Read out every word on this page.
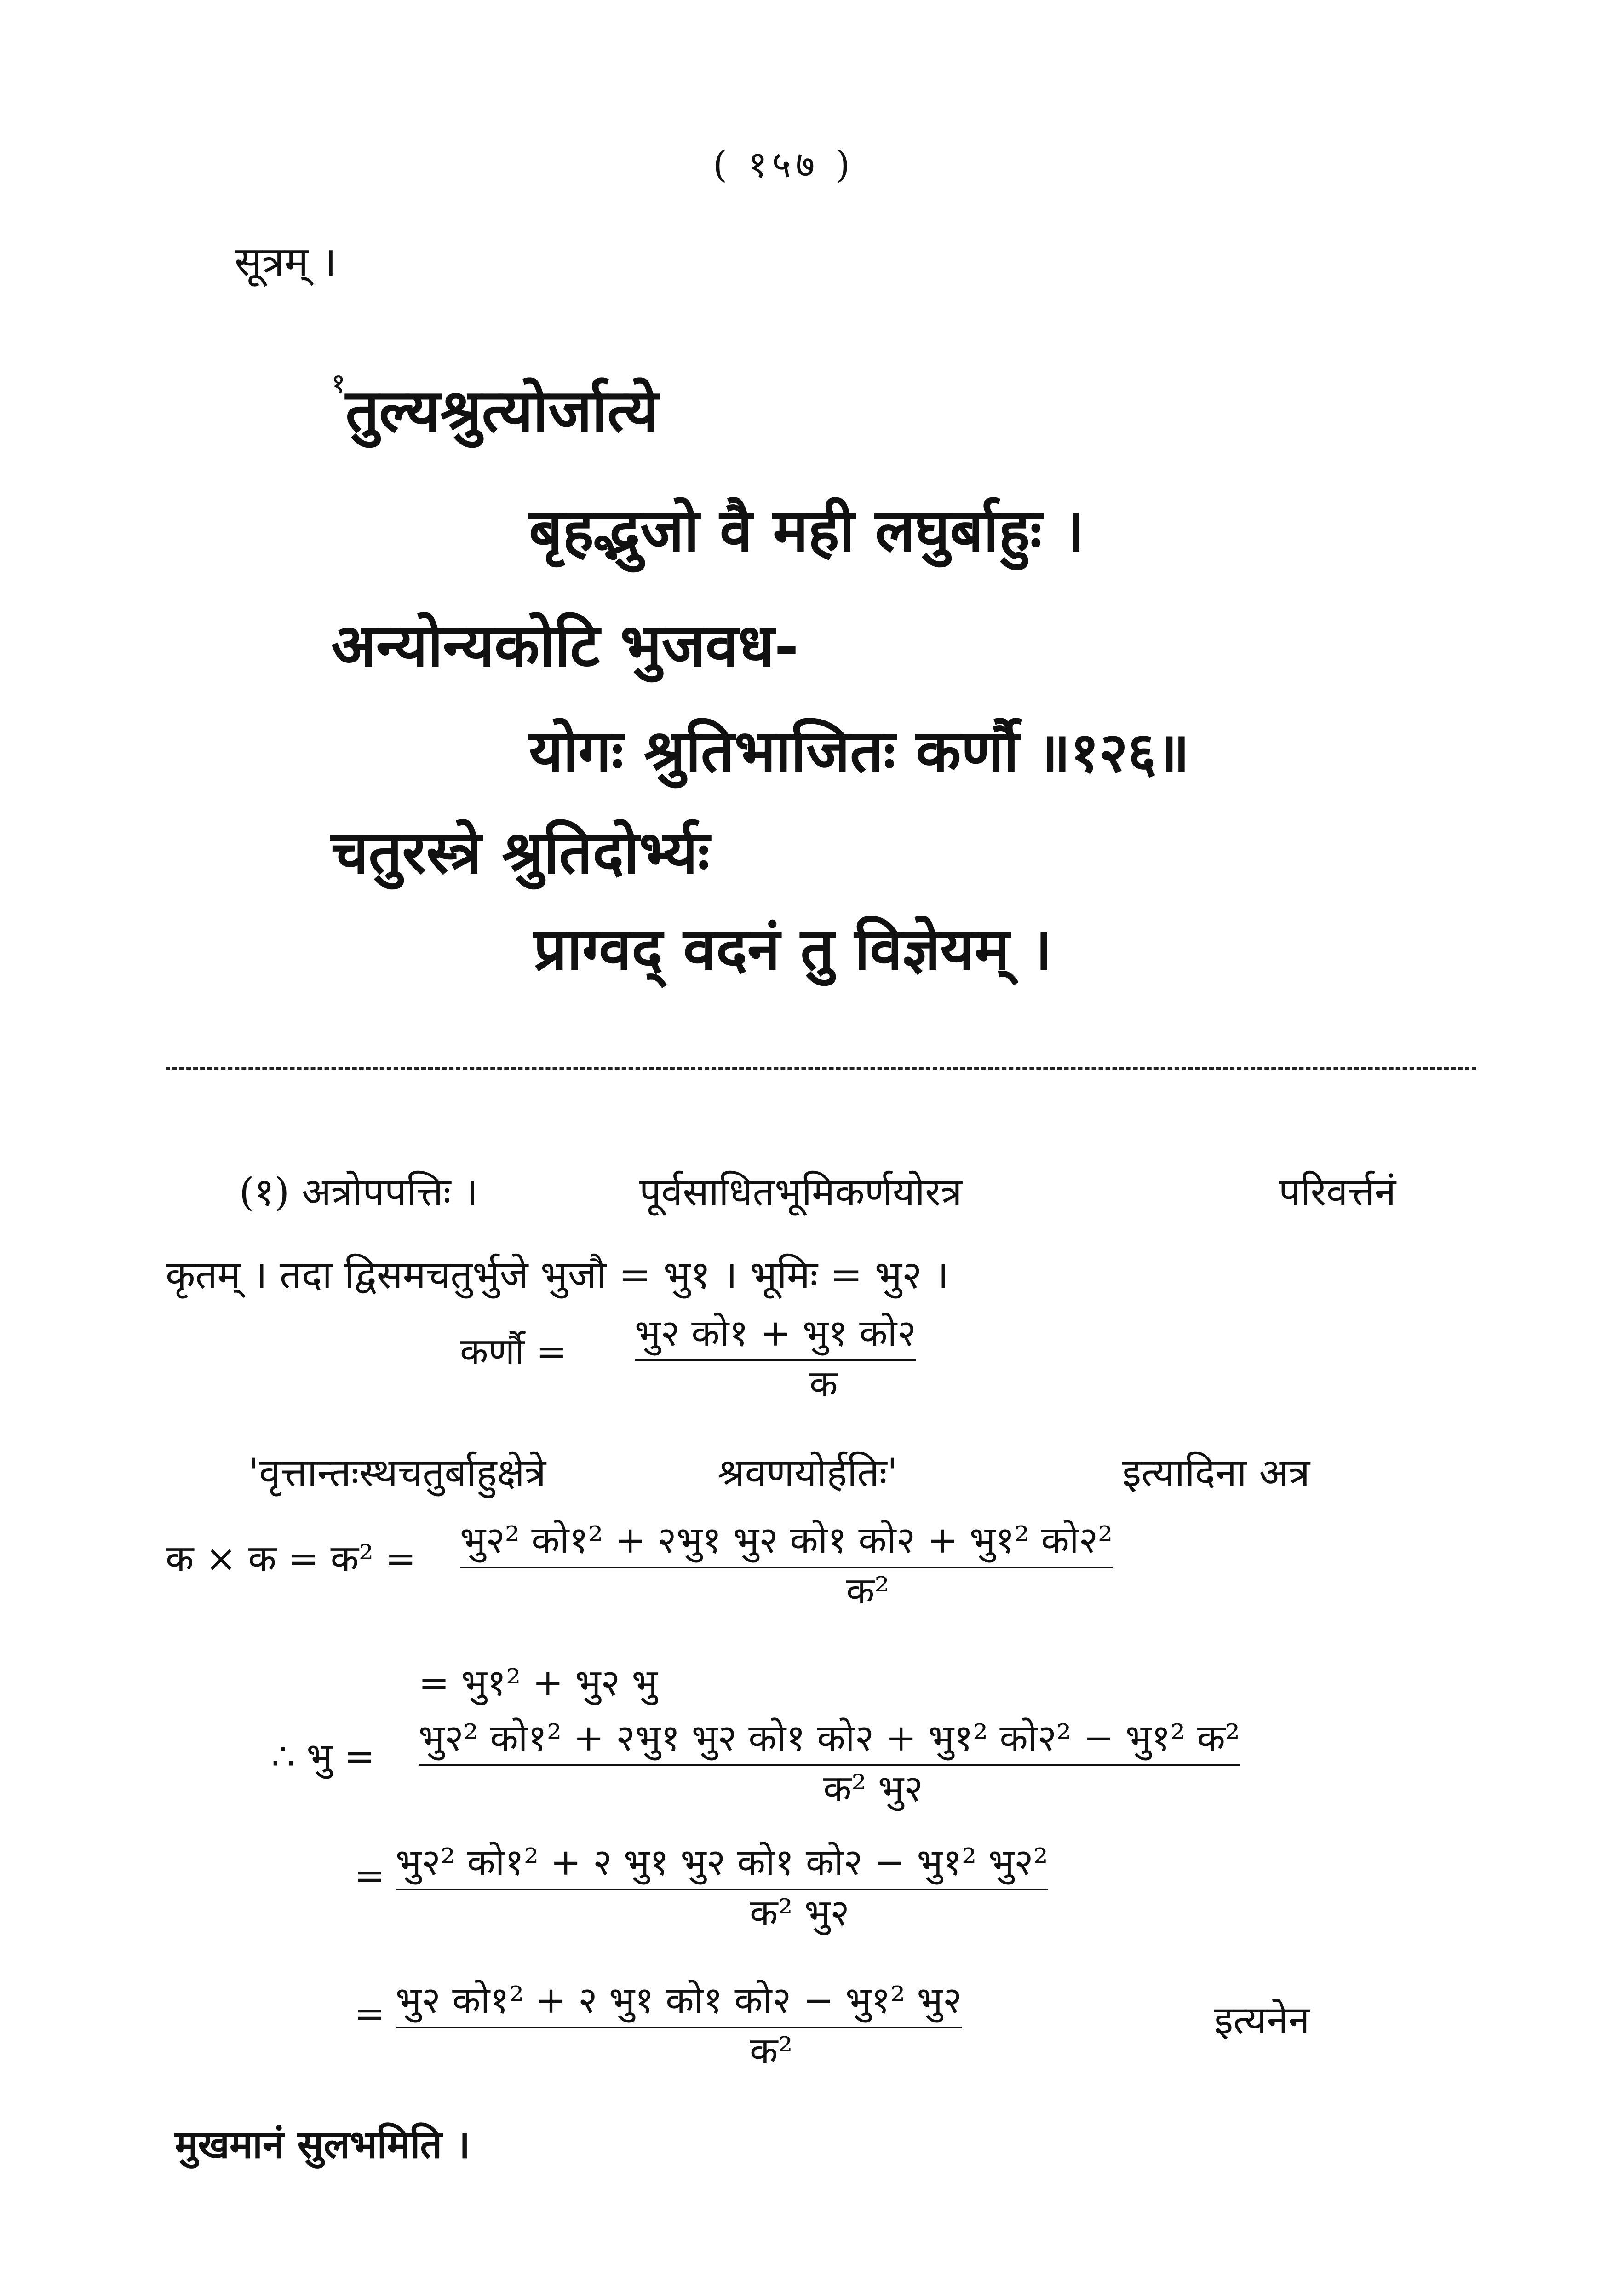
( १५७ )
सूत्रम् ।
$^१$तुल्यश्रुत्योर्जात्ये
बृहद्भुजो वै मही लघुर्बाहुः ।
अन्योन्यकोटि भुजवध-
योगः श्रुतिभाजितः कर्णौ ॥१२६॥
चतुरस्त्रे श्रुतिदोर्भ्यः
प्राग्वद् वदनं तु विज्ञेयम् ।
(१) अत्रोपपत्तिः ।	पूर्वसाधितभूमिकर्णयोरत्र	परिवर्त्तनं
कृतम् । तदा द्विसमचतुर्भुजे भुजौ = भु१ । भूमिः = भु२ ।
कर्णौ = भु२ को१ + भु१ को२
क
'वृत्तान्तःस्थचतुर्बाहुक्षेत्रे	श्रवणयोर्हतिः'	इत्यादिना अत्र
क × क = क² = भु२² को१² + २भु१ भु२ को१ को२ + भु१² को२²
क²
= भु१² + भु२ भु
∴ भु = भु२² को१² + २भु१ भु२ को१ को२ + भु१² को२² − भु१² क²
क² भु२
= भु२² को१² + २ भु१ भु२ को१ को२ − भु१² भु२²
क² भु२
= भु२ को१² + २ भु१ को१ को२ − भु१² भु२
क²
इत्यनेन
मुखमानं सुलभमिति ।
